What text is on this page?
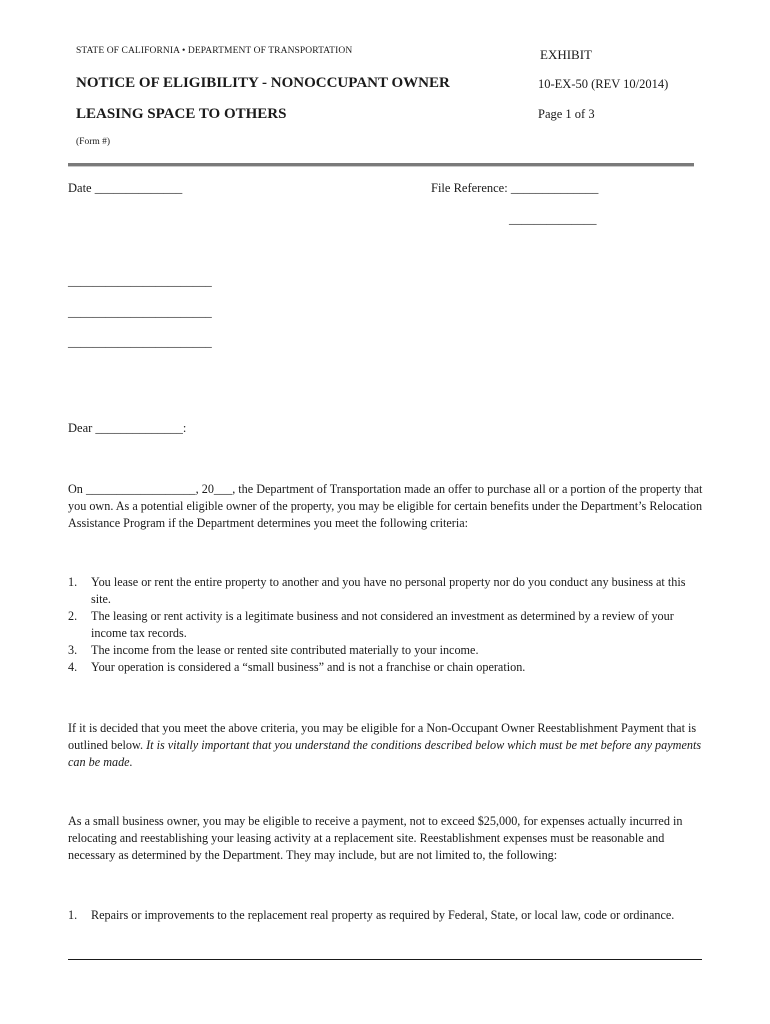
STATE OF CALIFORNIA • DEPARTMENT OF TRANSPORTATION	EXHIBIT
NOTICE OF ELIGIBILITY - NONOCCUPANT OWNER	10-EX-50 (REV 10/2014)
LEASING SPACE TO OTHERS	Page 1 of 3
(Form #)
Date ______________	File Reference: ______________
______________
_______________________
_______________________
_______________________
Dear ______________:
On __________________, 20___, the Department of Transportation made an offer to purchase all or a portion of the property that you own. As a potential eligible owner of the property, you may be eligible for certain benefits under the Department’s Relocation Assistance Program if the Department determines you meet the following criteria:
1. You lease or rent the entire property to another and you have no personal property nor do you conduct any business at this site.
2. The leasing or rent activity is a legitimate business and not considered an investment as determined by a review of your income tax records.
3. The income from the lease or rented site contributed materially to your income.
4. Your operation is considered a “small business” and is not a franchise or chain operation.
If it is decided that you meet the above criteria, you may be eligible for a Non-Occupant Owner Reestablishment Payment that is outlined below. It is vitally important that you understand the conditions described below which must be met before any payments can be made.
As a small business owner, you may be eligible to receive a payment, not to exceed $25,000, for expenses actually incurred in relocating and reestablishing your leasing activity at a replacement site. Reestablishment expenses must be reasonable and necessary as determined by the Department. They may include, but are not limited to, the following:
1. Repairs or improvements to the replacement real property as required by Federal, State, or local law, code or ordinance.
